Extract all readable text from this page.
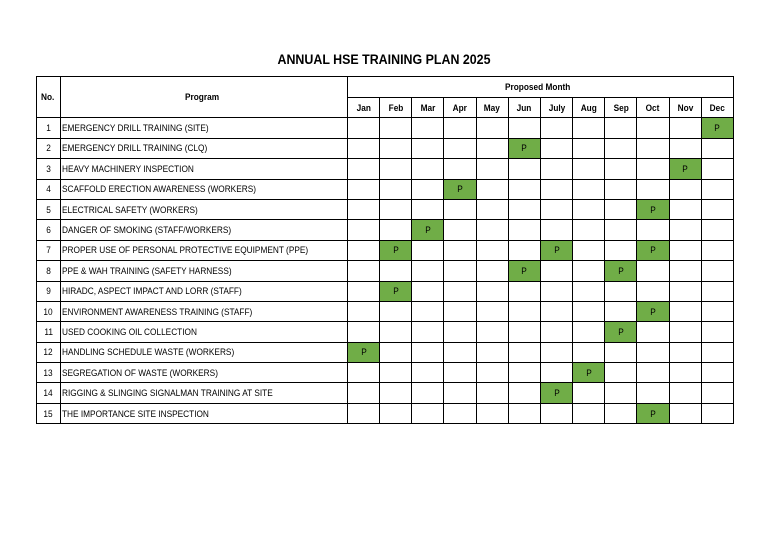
ANNUAL HSE TRAINING PLAN 2025
No.	Program	Proposed Month											
		Jan	Feb	Mar	Apr	May	Jun	July	Aug	Sep	Oct	Nov	Dec
1	EMERGENCY DRILL TRAINING (SITE)												P
2	EMERGENCY DRILL TRAINING (CLQ)						P						
3	HEAVY MACHINERY INSPECTION											P	
4	SCAFFOLD ERECTION AWARENESS (WORKERS)				P								
5	ELECTRICAL SAFETY (WORKERS)										P		
6	DANGER OF SMOKING (STAFF/WORKERS)			P									
7	PROPER USE OF PERSONAL PROTECTIVE EQUIPMENT (PPE)		P					P			P		
8	PPE & WAH TRAINING (SAFETY HARNESS)						P			P			
9	HIRADC, ASPECT IMPACT AND LORR (STAFF)		P										
10	ENVIRONMENT AWARENESS TRAINING (STAFF)										P		
11	USED COOKING OIL COLLECTION									P			
12	HANDLING SCHEDULE WASTE (WORKERS)	P											
13	SEGREGATION OF WASTE (WORKERS)								P				
14	RIGGING & SLINGING SIGNALMAN TRAINING AT SITE							P					
15	THE IMPORTANCE SITE INSPECTION										P		
